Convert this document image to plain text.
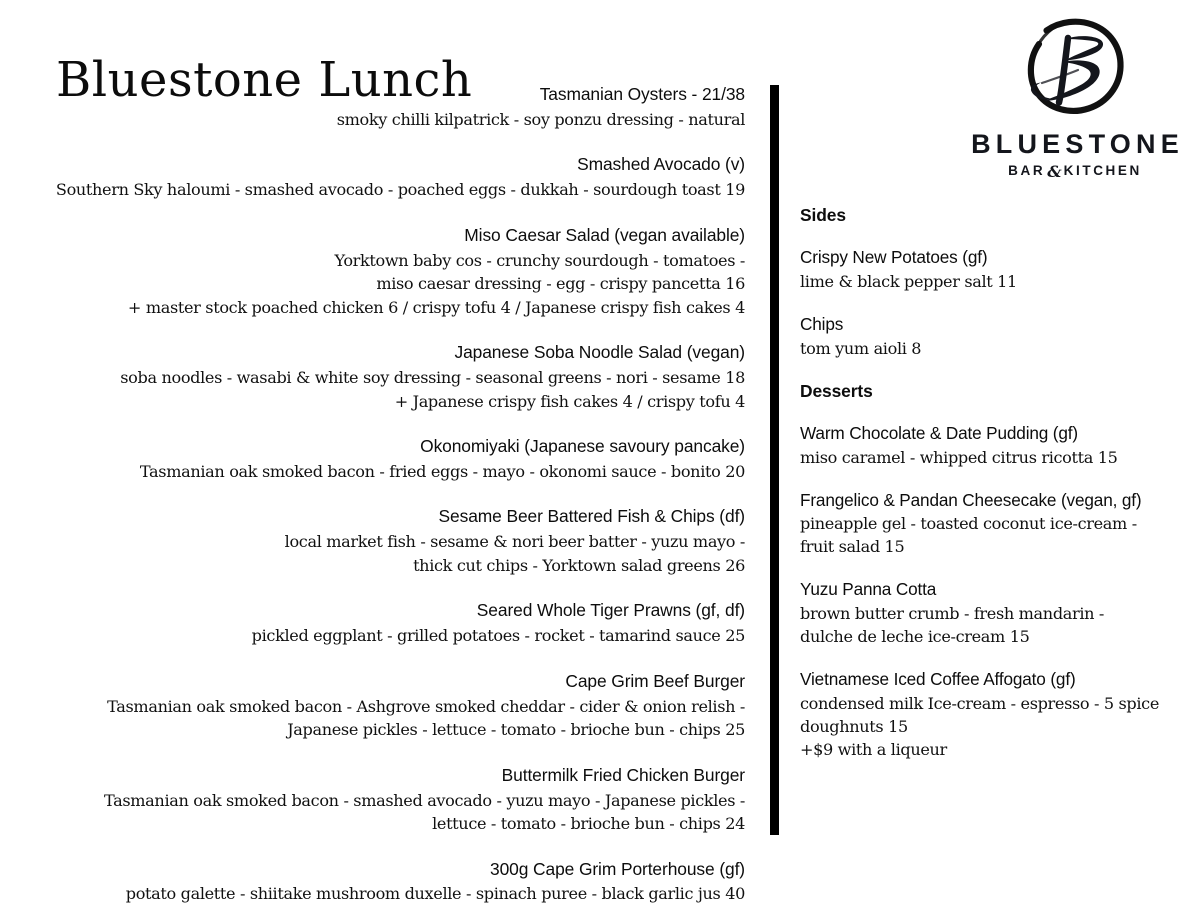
Bluestone Lunch
BLUESTONE
BAR & KITCHEN
Tasmanian Oysters - 21/38
smoky chilli kilpatrick - soy ponzu dressing - natural
Smashed Avocado (v)
Southern Sky haloumi - smashed avocado - poached eggs - dukkah - sourdough toast 19
Miso Caesar Salad (vegan available)
Yorktown baby cos - crunchy sourdough - tomatoes -
miso caesar dressing - egg - crispy pancetta 16
+ master stock poached chicken 6 / crispy tofu 4 / Japanese crispy fish cakes 4
Japanese Soba Noodle Salad (vegan)
soba noodles - wasabi & white soy dressing - seasonal greens - nori - sesame 18
+ Japanese crispy fish cakes 4 / crispy tofu 4
Okonomiyaki (Japanese savoury pancake)
Tasmanian oak smoked bacon - fried eggs - mayo - okonomi sauce - bonito 20
Sesame Beer Battered Fish & Chips (df)
local market fish - sesame & nori beer batter - yuzu mayo -
thick cut chips - Yorktown salad greens 26
Seared Whole Tiger Prawns (gf, df)
pickled eggplant - grilled potatoes - rocket - tamarind sauce 25
Cape Grim Beef Burger
Tasmanian oak smoked bacon - Ashgrove smoked cheddar - cider & onion relish -
Japanese pickles - lettuce - tomato - brioche bun - chips 25
Buttermilk Fried Chicken Burger
Tasmanian oak smoked bacon - smashed avocado - yuzu mayo - Japanese pickles -
lettuce - tomato - brioche bun - chips 24
300g Cape Grim Porterhouse (gf)
potato galette - shiitake mushroom duxelle - spinach puree - black garlic jus 40
Sides
Crispy New Potatoes (gf)
lime & black pepper salt 11
Chips
tom yum aioli 8
Desserts
Warm Chocolate & Date Pudding (gf)
miso caramel - whipped citrus ricotta 15
Frangelico & Pandan Cheesecake (vegan, gf)
pineapple gel - toasted coconut ice-cream -
fruit salad 15
Yuzu Panna Cotta
brown butter crumb - fresh mandarin -
dulche de leche ice-cream 15
Vietnamese Iced Coffee Affogato (gf)
condensed milk Ice-cream - espresso - 5 spice
doughnuts 15
+$9 with a liqueur
